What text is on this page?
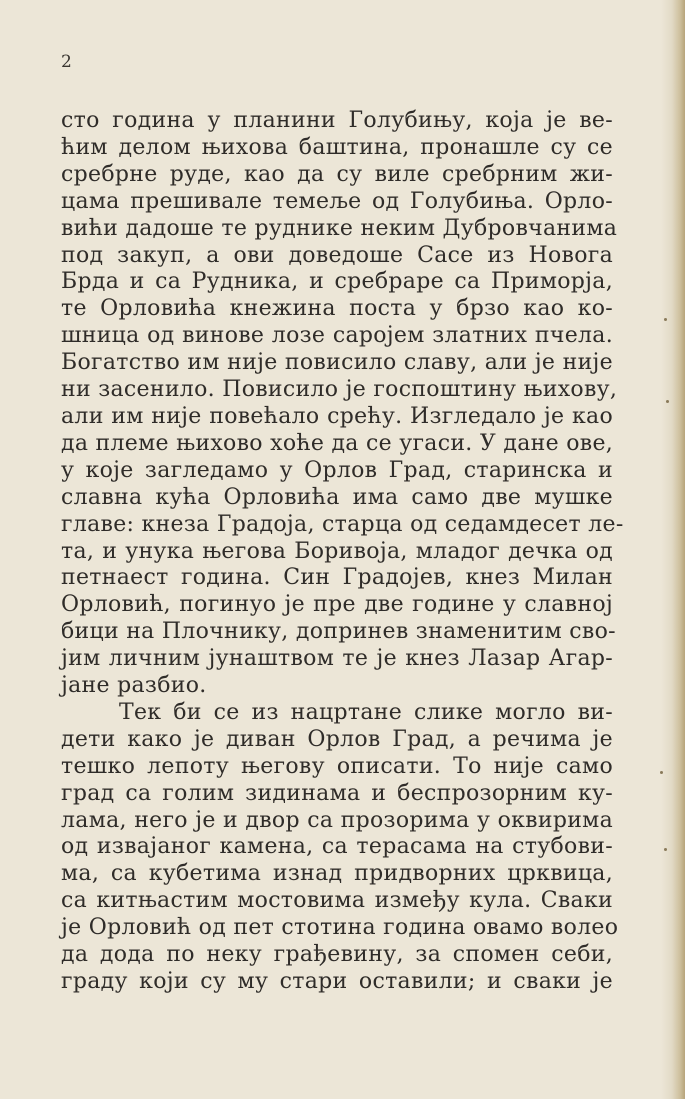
2
сто година у планини Голубињу, која је ве-
ћим делом њихова баштина, пронашле су се
сребрне руде, као да су виле сребрним жи-
цама прешивале темеље од Голубиња. Орло-
вићи дадоше те руднике неким Дубровчанима
под закуп, а ови доведоше Сасе из Новога
Брда и са Рудника, и сребраре са Приморја,
те Орловића кнежина поста у брзо као ко-
шница од винове лозе саројем златних пчела.
Богатство им није повисило славу, али је није
ни засенило. Повисило је госпоштину њихову,
али им није повећало срећу. Изгледало је као
да племе њихово хоће да се угаси. У дане ове,
у које загледамо у Орлов Град, старинска и
славна кућа Орловића има само две мушке
главе: кнеза Градоја, старца од седамдесет ле-
та, и унука његова Боривоја, младог дечка од
петнаест година. Син Градојев, кнез Милан
Орловић, погинуо је пре две године у славној
бици на Плочнику, допринев знаменитим сво-
јим личним јунаштвом те је кнез Лазар Агар-
јане разбио.
Тек би се из нацртане слике могло ви-
дети како је диван Орлов Град, а речима је
тешко лепоту његову описати. То није само
град са голим зидинама и беспрозорним ку-
лама, него је и двор са прозорима у оквирима
од изваjаног камена, са терасама на стубови-
ма, са кубетима изнад придворних црквица,
са китњастим мостовима између кула. Сваки
је Орловић од пет стотина година овамо волео
да дода по неку грађевину, за спомен себи,
граду који су му стари оставили; и сваки је
